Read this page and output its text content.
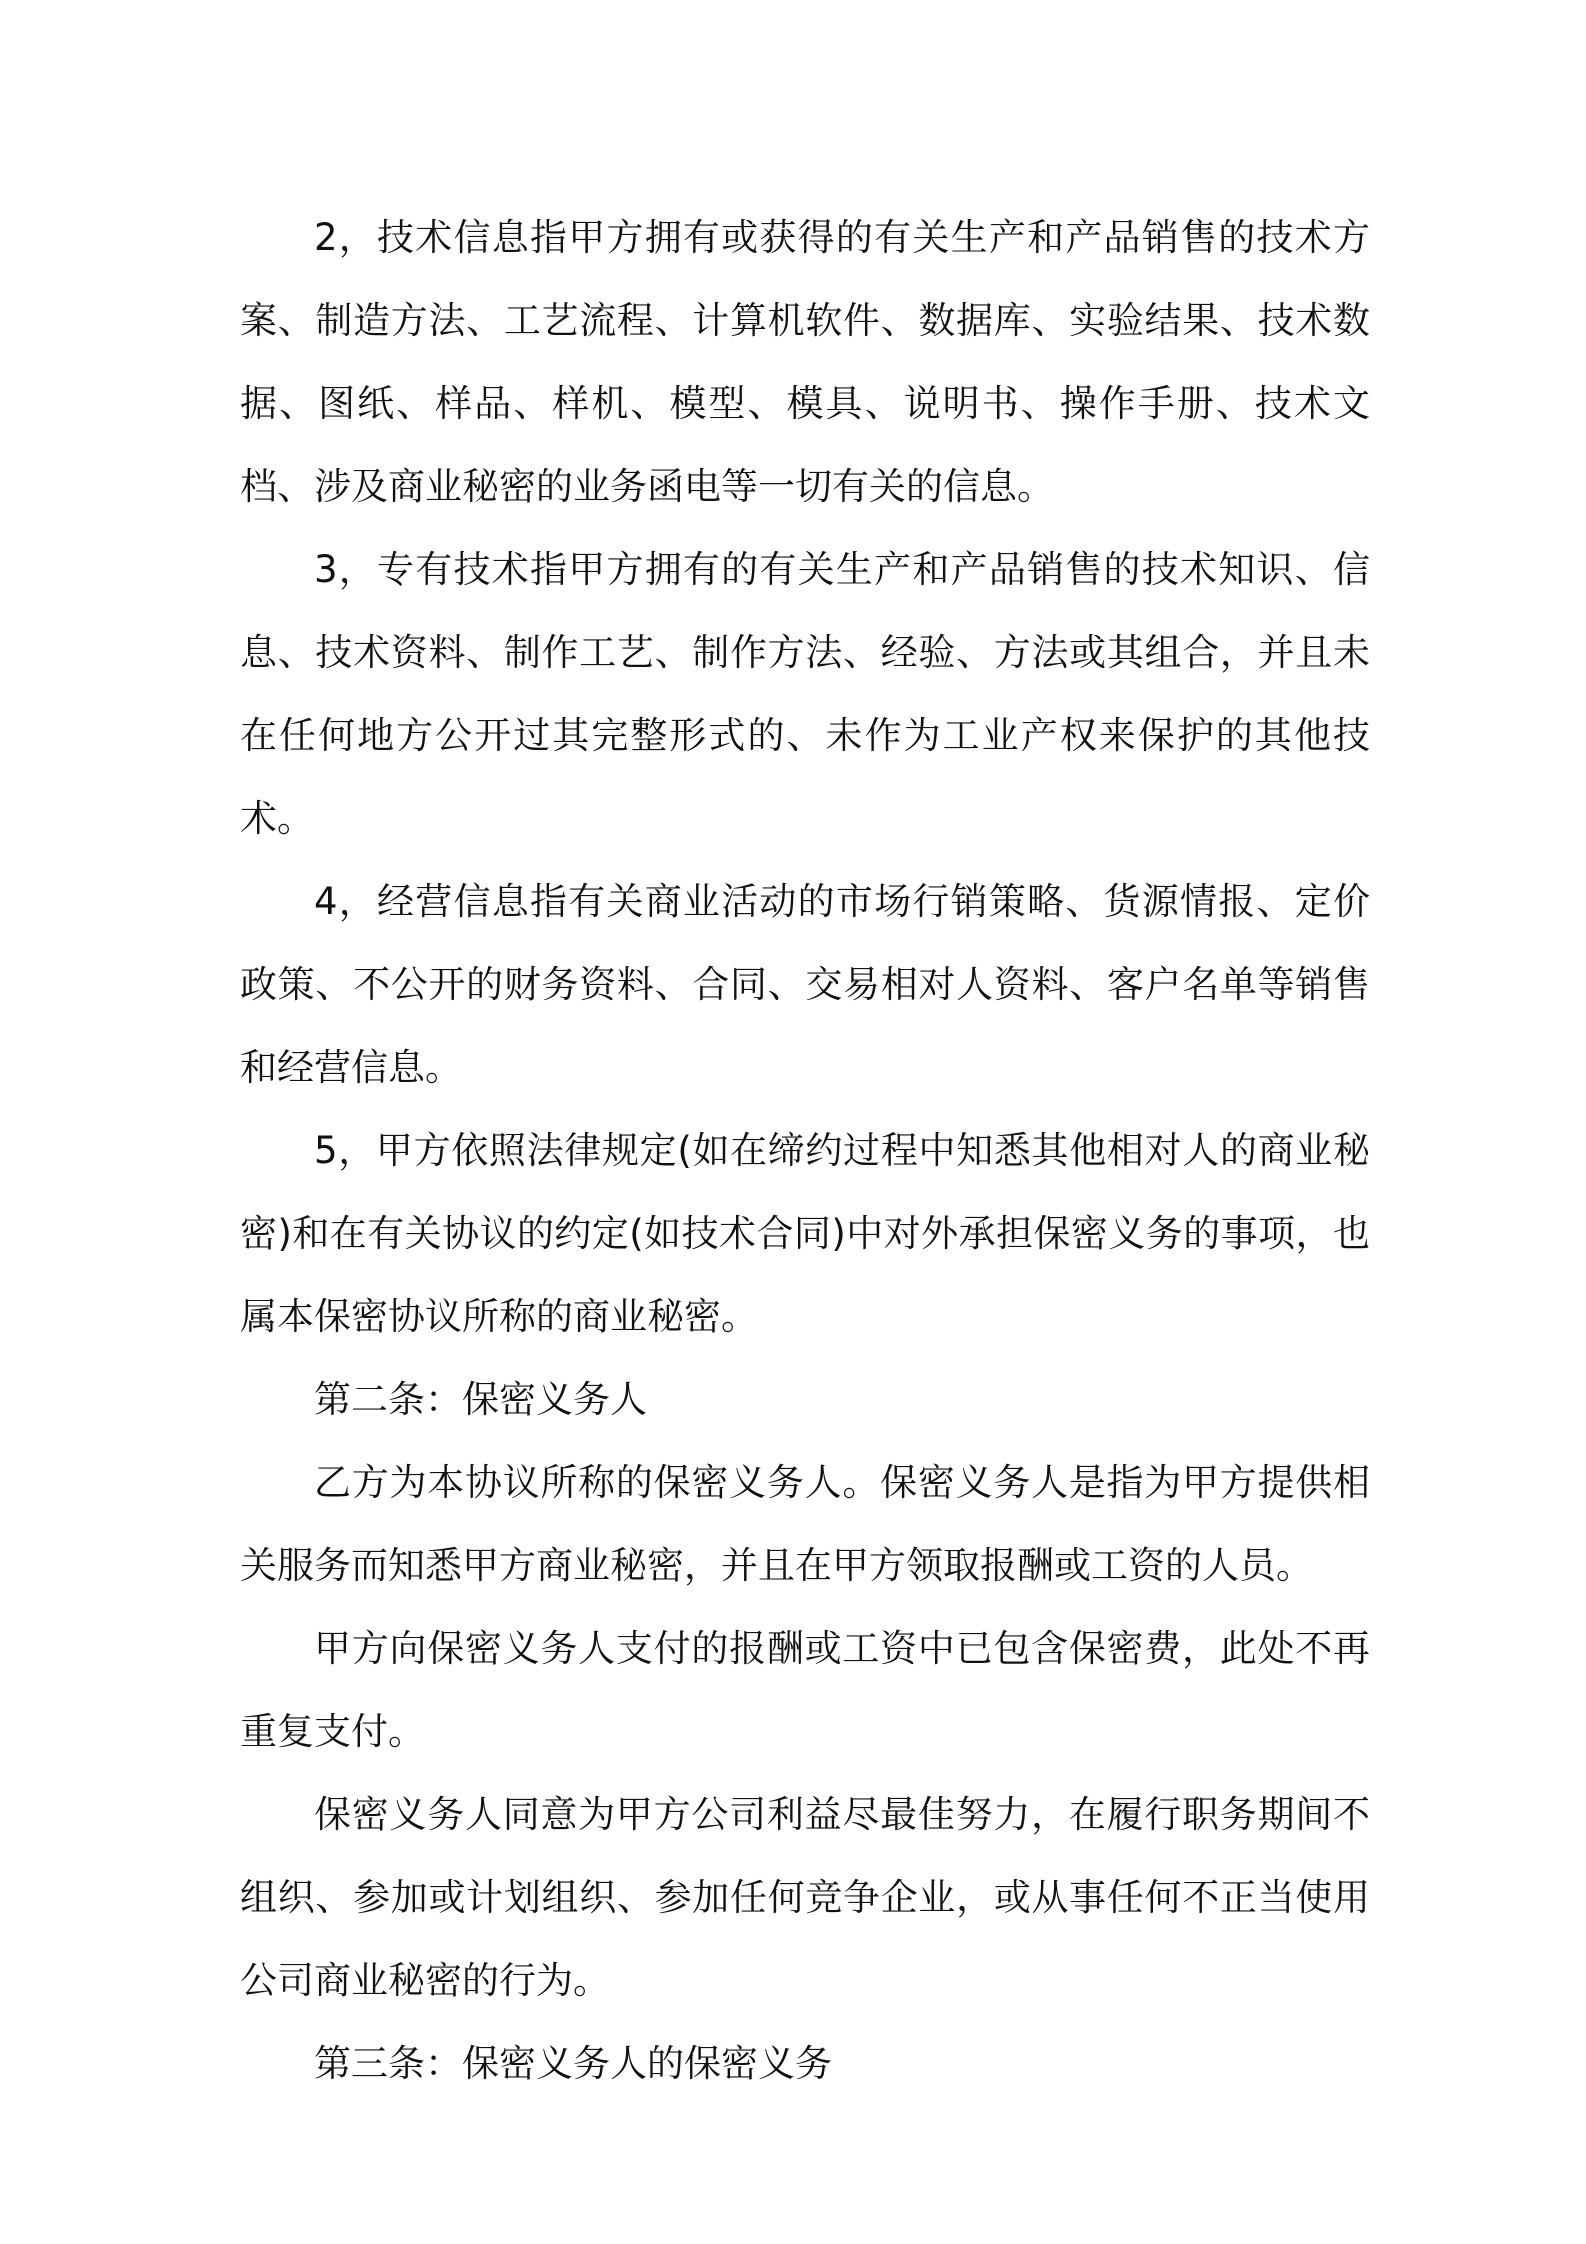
2，技术信息指甲方拥有或获得的有关生产和产品销售的技术方案、制造方法、工艺流程、计算机软件、数据库、实验结果、技术数据、图纸、样品、样机、模型、模具、说明书、操作手册、技术文档、涉及商业秘密的业务函电等一切有关的信息。

3，专有技术指甲方拥有的有关生产和产品销售的技术知识、信息、技术资料、制作工艺、制作方法、经验、方法或其组合，并且未在任何地方公开过其完整形式的、未作为工业产权来保护的其他技术。

4，经营信息指有关商业活动的市场行销策略、货源情报、定价政策、不公开的财务资料、合同、交易相对人资料、客户名单等销售和经营信息。

5，甲方依照法律规定(如在缔约过程中知悉其他相对人的商业秘密)和在有关协议的约定(如技术合同)中对外承担保密义务的事项，也属本保密协议所称的商业秘密。

第二条：保密义务人

乙方为本协议所称的保密义务人。保密义务人是指为甲方提供相关服务而知悉甲方商业秘密，并且在甲方领取报酬或工资的人员。

甲方向保密义务人支付的报酬或工资中已包含保密费，此处不再重复支付。

保密义务人同意为甲方公司利益尽最佳努力，在履行职务期间不组织、参加或计划组织、参加任何竞争企业，或从事任何不正当使用公司商业秘密的行为。

第三条：保密义务人的保密义务
